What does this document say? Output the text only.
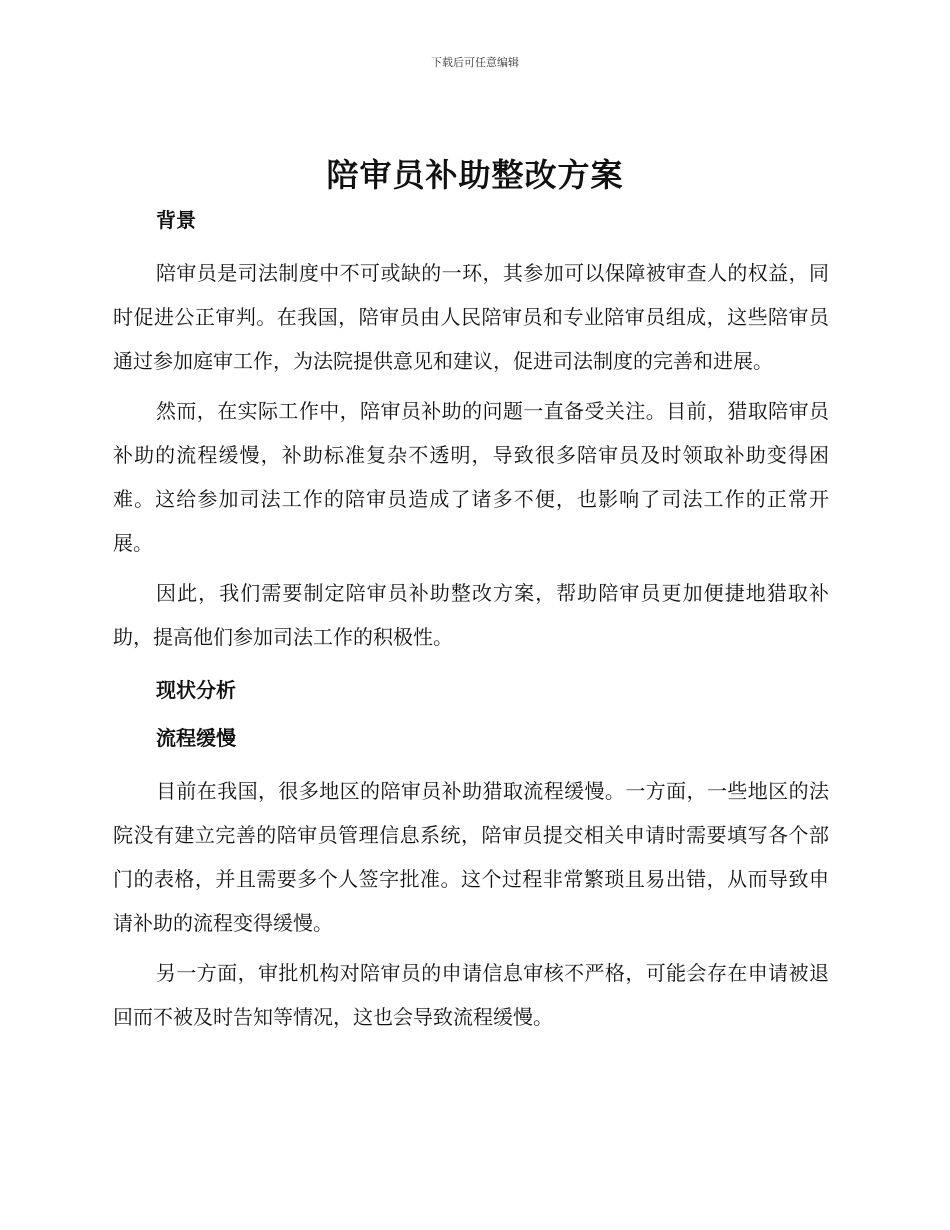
下载后可任意编辑
陪审员补助整改方案
背景

陪审员是司法制度中不可或缺的一环，其参加可以保障被审查人的权益，同时促进公正审判。在我国，陪审员由人民陪审员和专业陪审员组成，这些陪审员通过参加庭审工作，为法院提供意见和建议，促进司法制度的完善和进展。

然而，在实际工作中，陪审员补助的问题一直备受关注。目前，猎取陪审员补助的流程缓慢，补助标准复杂不透明，导致很多陪审员及时领取补助变得困难。这给参加司法工作的陪审员造成了诸多不便，也影响了司法工作的正常开展。

因此，我们需要制定陪审员补助整改方案，帮助陪审员更加便捷地猎取补助，提高他们参加司法工作的积极性。

现状分析
流程缓慢

目前在我国，很多地区的陪审员补助猎取流程缓慢。一方面，一些地区的法院没有建立完善的陪审员管理信息系统，陪审员提交相关申请时需要填写各个部门的表格，并且需要多个人签字批准。这个过程非常繁琐且易出错，从而导致申请补助的流程变得缓慢。

另一方面，审批机构对陪审员的申请信息审核不严格，可能会存在申请被退回而不被及时告知等情况，这也会导致流程缓慢。
